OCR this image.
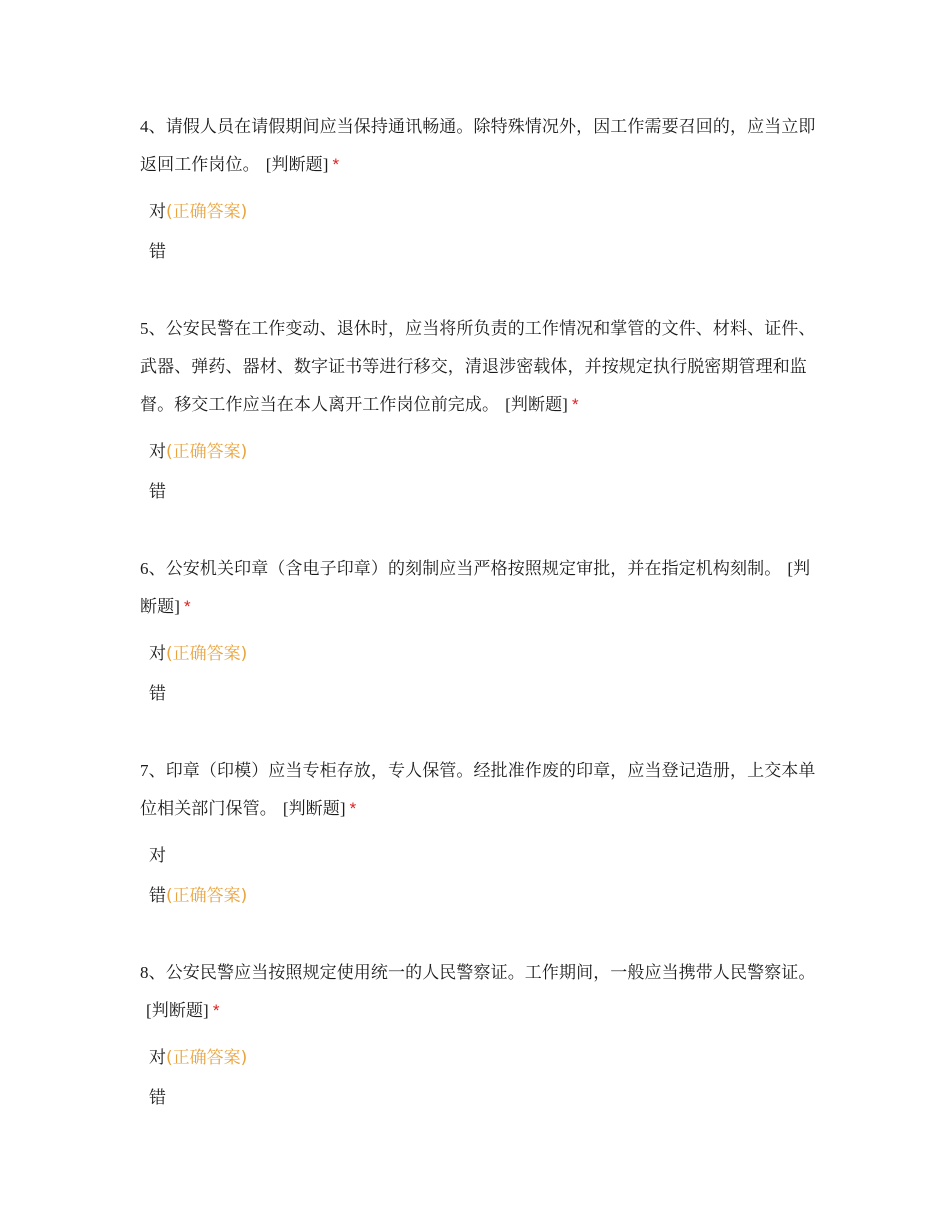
4、请假人员在请假期间应当保持通讯畅通。除特殊情况外，因工作需要召回的，应当立即返回工作岗位。 [判断题] *
对(正确答案)
错
5、公安民警在工作变动、退休时，应当将所负责的工作情况和掌管的文件、材料、证件、武器、弹药、器材、数字证书等进行移交，清退涉密载体，并按规定执行脱密期管理和监督。移交工作应当在本人离开工作岗位前完成。 [判断题] *
对(正确答案)
错
6、公安机关印章（含电子印章）的刻制应当严格按照规定审批，并在指定机构刻制。 [判断题] *
对(正确答案)
错
7、印章（印模）应当专柜存放，专人保管。经批准作废的印章，应当登记造册，上交本单位相关部门保管。 [判断题] *
对
错(正确答案)
8、公安民警应当按照规定使用统一的人民警察证。工作期间，一般应当携带人民警察证。[判断题] *
对(正确答案)
错
